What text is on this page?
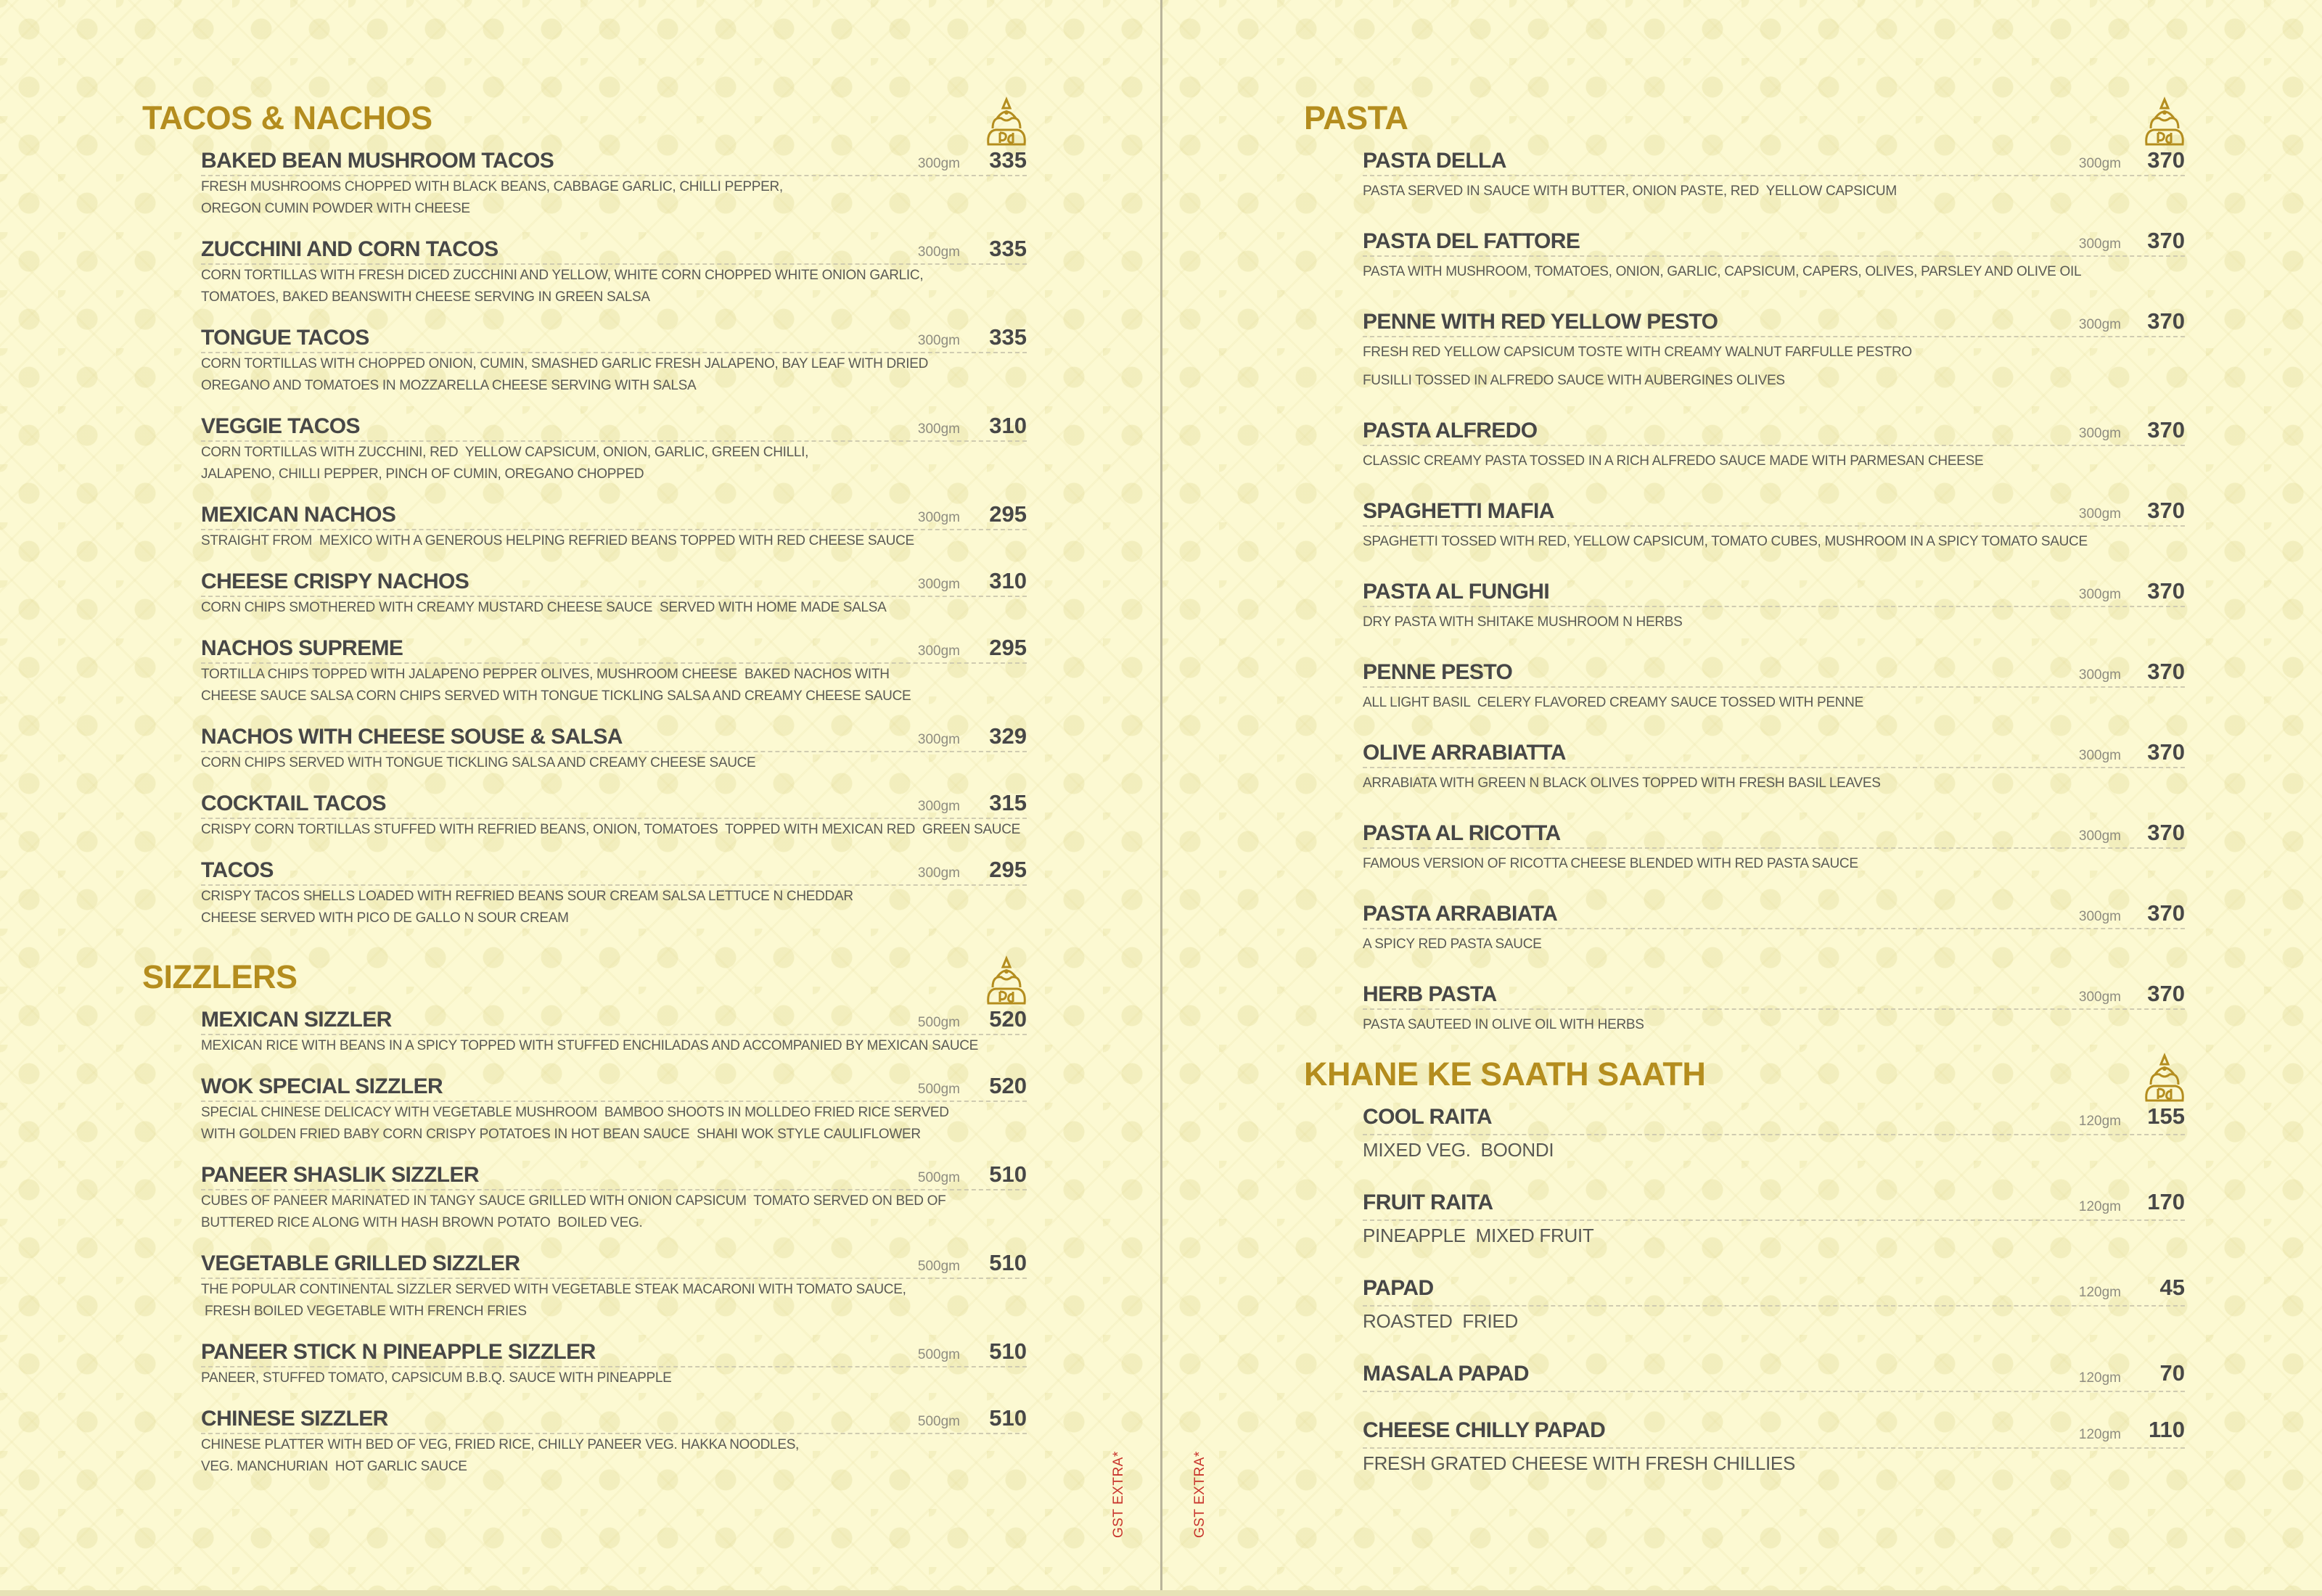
TACOS & NACHOS
BAKED BEAN MUSHROOM TACOS	300gm 335
FRESH MUSHROOMS CHOPPED WITH BLACK BEANS, CABBAGE GARLIC, CHILLI PEPPER,
OREGON CUMIN POWDER WITH CHEESE
ZUCCHINI AND CORN TACOS	300gm 335
CORN TORTILLAS WITH FRESH DICED ZUCCHINI AND YELLOW, WHITE CORN CHOPPED WHITE ONION GARLIC,
TOMATOES, BAKED BEANSWITH CHEESE SERVING IN GREEN SALSA
TONGUE TACOS	300gm 335
CORN TORTILLAS WITH CHOPPED ONION, CUMIN, SMASHED GARLIC FRESH JALAPENO, BAY LEAF WITH DRIED
OREGANO AND TOMATOES IN MOZZARELLA CHEESE SERVING WITH SALSA
VEGGIE TACOS	300gm 310
CORN TORTILLAS WITH ZUCCHINI, RED  YELLOW CAPSICUM, ONION, GARLIC, GREEN CHILLI,
JALAPENO, CHILLI PEPPER, PINCH OF CUMIN, OREGANO CHOPPED
MEXICAN NACHOS	300gm 295
STRAIGHT FROM  MEXICO WITH A GENEROUS HELPING REFRIED BEANS TOPPED WITH RED CHEESE SAUCE
CHEESE CRISPY NACHOS	300gm 310
CORN CHIPS SMOTHERED WITH CREAMY MUSTARD CHEESE SAUCE  SERVED WITH HOME MADE SALSA
NACHOS SUPREME	300gm 295
TORTILLA CHIPS TOPPED WITH JALAPENO PEPPER OLIVES, MUSHROOM CHEESE  BAKED NACHOS WITH
CHEESE SAUCE SALSA CORN CHIPS SERVED WITH TONGUE TICKLING SALSA AND CREAMY CHEESE SAUCE
NACHOS WITH CHEESE SOUSE & SALSA	300gm 329
CORN CHIPS SERVED WITH TONGUE TICKLING SALSA AND CREAMY CHEESE SAUCE
COCKTAIL TACOS	300gm 315
CRISPY CORN TORTILLAS STUFFED WITH REFRIED BEANS, ONION, TOMATOES  TOPPED WITH MEXICAN RED  GREEN SAUCE
TACOS	300gm 295
CRISPY TACOS SHELLS LOADED WITH REFRIED BEANS SOUR CREAM SALSA LETTUCE N CHEDDAR
CHEESE SERVED WITH PICO DE GALLO N SOUR CREAM
SIZZLERS
MEXICAN SIZZLER	500gm 520
MEXICAN RICE WITH BEANS IN A SPICY TOPPED WITH STUFFED ENCHILADAS AND ACCOMPANIED BY MEXICAN SAUCE
WOK SPECIAL SIZZLER	500gm 520
SPECIAL CHINESE DELICACY WITH VEGETABLE MUSHROOM  BAMBOO SHOOTS IN MOLLDEO FRIED RICE SERVED
WITH GOLDEN FRIED BABY CORN CRISPY POTATOES IN HOT BEAN SAUCE  SHAHI WOK STYLE CAULIFLOWER
PANEER SHASLIK SIZZLER	500gm 510
CUBES OF PANEER MARINATED IN TANGY SAUCE GRILLED WITH ONION CAPSICUM  TOMATO SERVED ON BED OF
BUTTERED RICE ALONG WITH HASH BROWN POTATO  BOILED VEG.
VEGETABLE GRILLED SIZZLER	500gm 510
THE POPULAR CONTINENTAL SIZZLER SERVED WITH VEGETABLE STEAK MACARONI WITH TOMATO SAUCE,
FRESH BOILED VEGETABLE WITH FRENCH FRIES
PANEER STICK N PINEAPPLE SIZZLER	500gm 510
PANEER, STUFFED TOMATO, CAPSICUM B.B.Q. SAUCE WITH PINEAPPLE
CHINESE SIZZLER	500gm 510
CHINESE PLATTER WITH BED OF VEG, FRIED RICE, CHILLY PANEER VEG. HAKKA NOODLES,
VEG. MANCHURIAN  HOT GARLIC SAUCE	GST EXTRA*
PASTA
PASTA DELLA	300gm 370
PASTA SERVED IN SAUCE WITH BUTTER, ONION PASTE, RED  YELLOW CAPSICUM
PASTA DEL FATTORE	300gm 370
PASTA WITH MUSHROOM, TOMATOES, ONION, GARLIC, CAPSICUM, CAPERS, OLIVES, PARSLEY AND OLIVE OIL
PENNE WITH RED YELLOW PESTO	300gm 370
FRESH RED YELLOW CAPSICUM TOSTE WITH CREAMY WALNUT FARFULLE PESTRO
FUSILLI TOSSED IN ALFREDO SAUCE WITH AUBERGINES OLIVES
PASTA ALFREDO	300gm 370
CLASSIC CREAMY PASTA TOSSED IN A RICH ALFREDO SAUCE MADE WITH PARMESAN CHEESE
SPAGHETTI MAFIA	300gm 370
SPAGHETTI TOSSED WITH RED, YELLOW CAPSICUM, TOMATO CUBES, MUSHROOM IN A SPICY TOMATO SAUCE
PASTA AL FUNGHI	300gm 370
DRY PASTA WITH SHITAKE MUSHROOM N HERBS
PENNE PESTO	300gm 370
ALL LIGHT BASIL  CELERY FLAVORED CREAMY SAUCE TOSSED WITH PENNE
OLIVE ARRABIATTA	300gm 370
ARRABIATA WITH GREEN N BLACK OLIVES TOPPED WITH FRESH BASIL LEAVES
PASTA AL RICOTTA	300gm 370
FAMOUS VERSION OF RICOTTA CHEESE BLENDED WITH RED PASTA SAUCE
PASTA ARRABIATA	300gm 370
A SPICY RED PASTA SAUCE
HERB PASTA	300gm 370
PASTA SAUTEED IN OLIVE OIL WITH HERBS
KHANE KE SAATH SAATH
COOL RAITA	120gm 155
MIXED VEG.  BOONDI
FRUIT RAITA	120gm 170
PINEAPPLE  MIXED FRUIT
PAPAD	120gm 45
ROASTED  FRIED
MASALA PAPAD	120gm 70
CHEESE CHILLY PAPAD	120gm 110
FRESH GRATED CHEESE WITH FRESH CHILLIES
GST EXTRA*
